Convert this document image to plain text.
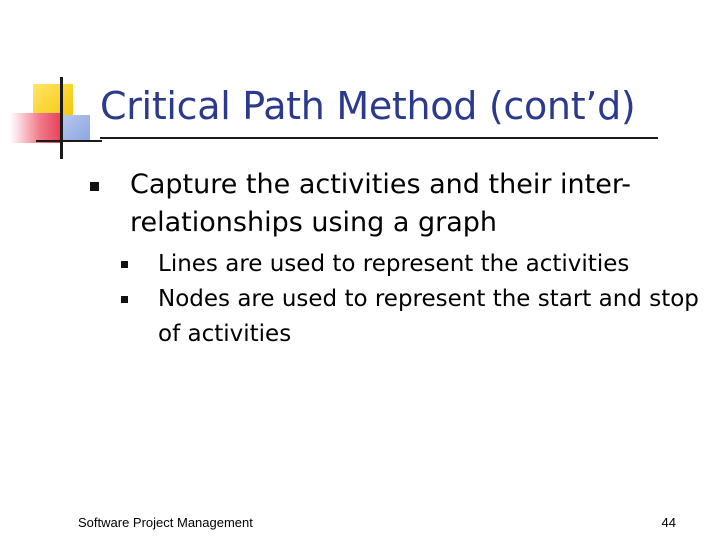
Critical Path Method (cont’d)
Capture the activities and their inter-relationships using a graph
Lines are used to represent the activities
Nodes are used to represent the start and stop of activities
Software Project Management	44
